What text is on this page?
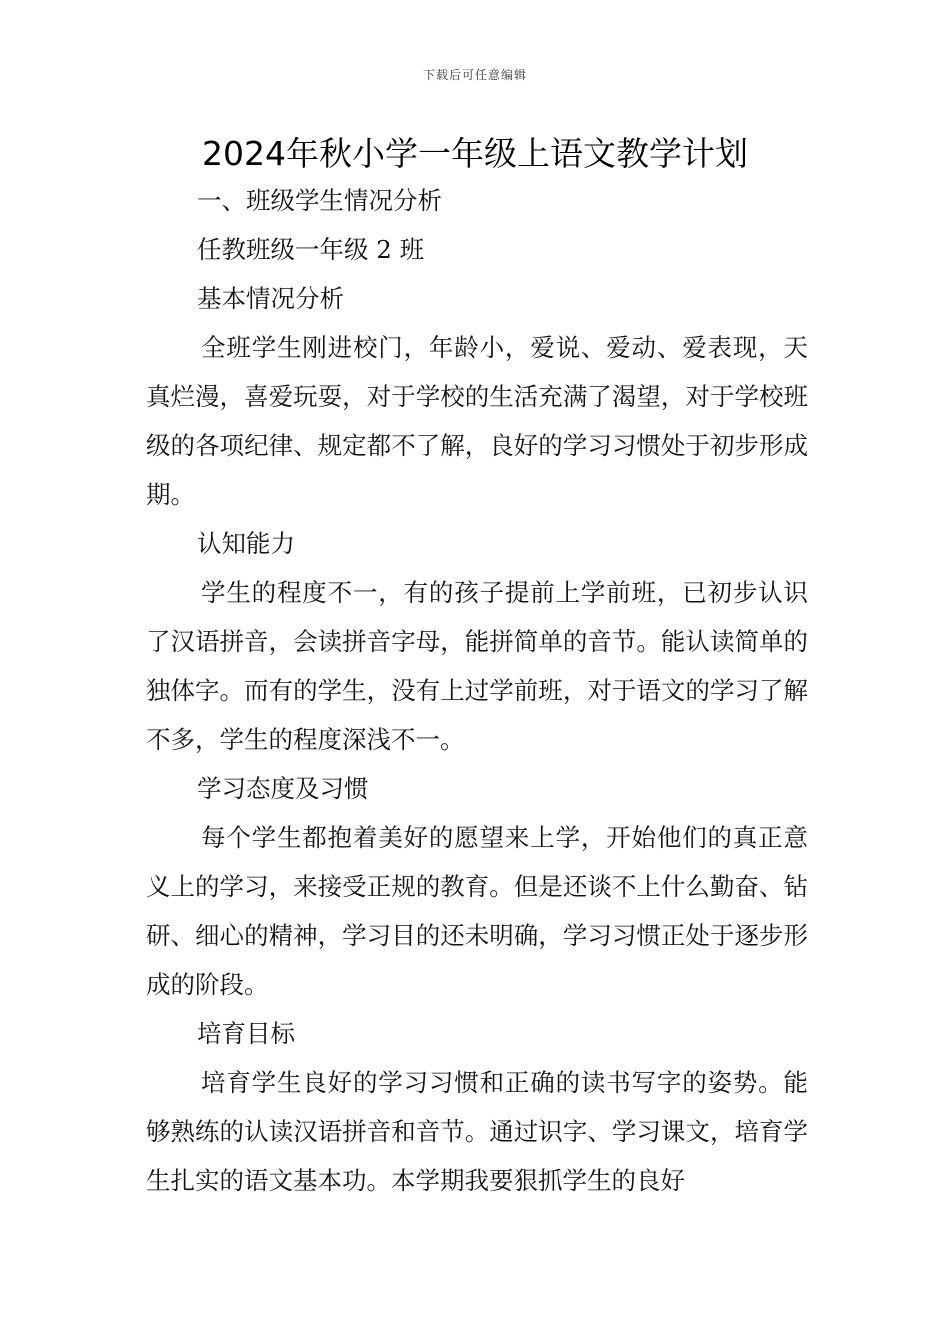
下载后可任意编辑
2024年秋小学一年级上语文教学计划

一、班级学生情况分析

任教班级一年级 2 班

基本情况分析

全班学生刚进校门，年龄小，爱说、爱动、爱表现，天真烂漫，喜爱玩耍，对于学校的生活充满了渴望，对于学校班级的各项纪律、规定都不了解，良好的学习习惯处于初步形成期。

认知能力

学生的程度不一，有的孩子提前上学前班，已初步认识了汉语拼音，会读拼音字母，能拼简单的音节。能认读简单的独体字。而有的学生，没有上过学前班，对于语文的学习了解不多，学生的程度深浅不一。

学习态度及习惯

每个学生都抱着美好的愿望来上学，开始他们的真正意义上的学习，来接受正规的教育。但是还谈不上什么勤奋、钻研、细心的精神，学习目的还未明确，学习习惯正处于逐步形成的阶段。

培育目标

培育学生良好的学习习惯和正确的读书写字的姿势。能够熟练的认读汉语拼音和音节。通过识字、学习课文，培育学生扎实的语文基本功。本学期我要狠抓学生的良好
